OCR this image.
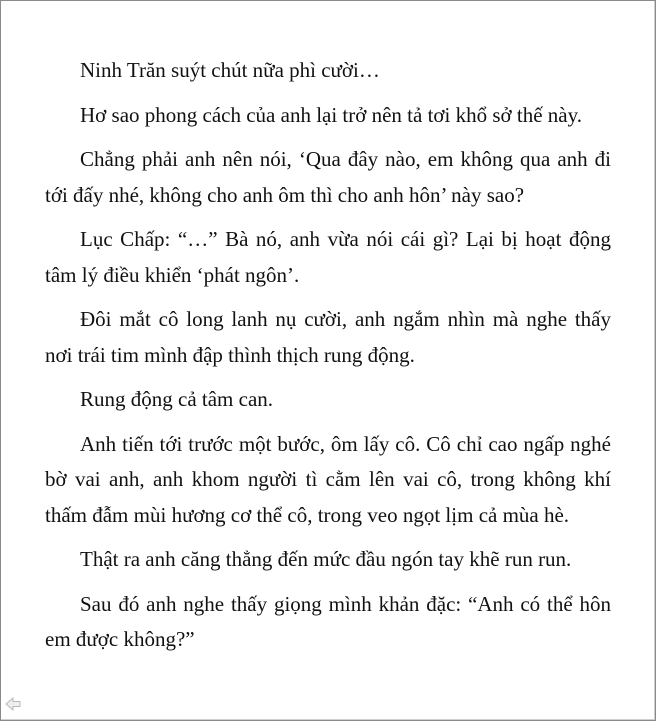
Ninh Trăn suýt chút nữa phì cười…

Hơ sao phong cách của anh lại trở nên tả tơi khổ sở thế này.

Chẳng phải anh nên nói, ‘Qua đây nào, em không qua anh đi tới đấy nhé, không cho anh ôm thì cho anh hôn’ này sao?

Lục Chấp: “…” Bà nó, anh vừa nói cái gì? Lại bị hoạt động tâm lý điều khiển ‘phát ngôn’.

Đôi mắt cô long lanh nụ cười, anh ngắm nhìn mà nghe thấy nơi trái tim mình đập thình thịch rung động.

Rung động cả tâm can.

Anh tiến tới trước một bước, ôm lấy cô. Cô chỉ cao ngấp nghé bờ vai anh, anh khom người tì cằm lên vai cô, trong không khí thấm đẫm mùi hương cơ thể cô, trong veo ngọt lịm cả mùa hè.

Thật ra anh căng thẳng đến mức đầu ngón tay khẽ run run.

Sau đó anh nghe thấy giọng mình khản đặc: “Anh có thể hôn em được không?”
